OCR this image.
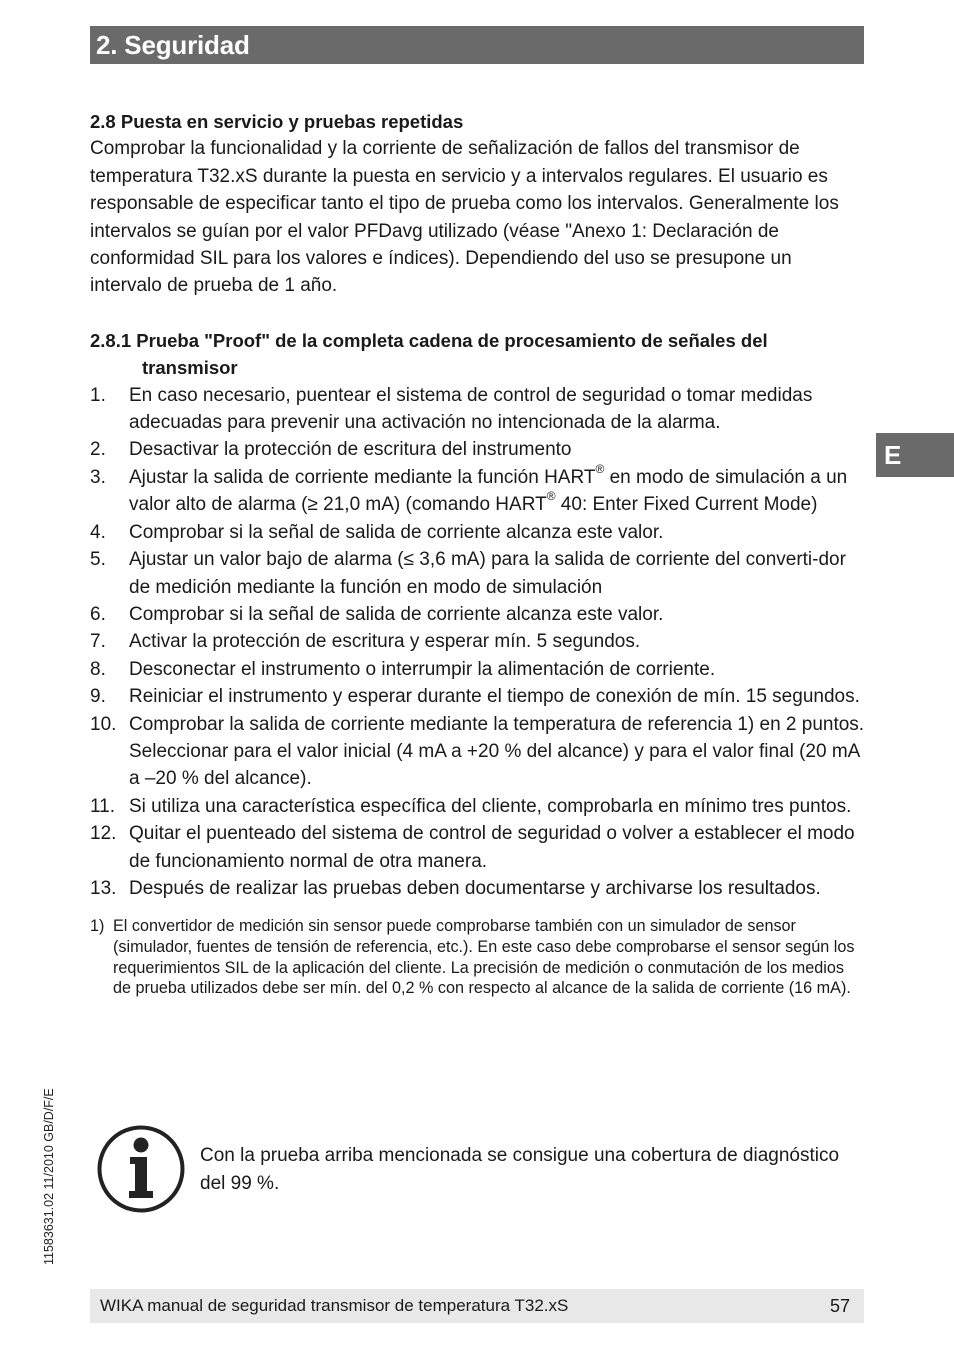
2. Seguridad
2.8 Puesta en servicio y pruebas repetidas
Comprobar la funcionalidad y la corriente de señalización de fallos del transmisor de temperatura T32.xS durante la puesta en servicio y a intervalos regulares. El usuario es responsable de especificar tanto el tipo de prueba como los intervalos. Generalmente los intervalos se guían por el valor PFDavg utilizado (véase "Anexo 1: Declaración de conformidad SIL para los valores e índices). Dependiendo del uso se presupone un intervalo de prueba de 1 año.
2.8.1 Prueba "Proof" de la completa cadena de procesamiento de señales del
transmisor
1.	En caso necesario, puentear el sistema de control de seguridad o tomar medidas adecuadas para prevenir una activación no intencionada de la alarma.
2.	Desactivar la protección de escritura del instrumento
3.	Ajustar la salida de corriente mediante la función HART® en modo de simulación a un valor alto de alarma (≥ 21,0 mA) (comando HART® 40: Enter Fixed Current Mode)
4.	Comprobar si la señal de salida de corriente alcanza este valor.
5.	Ajustar un valor bajo de alarma (≤ 3,6 mA) para la salida de corriente del converti-dor de medición mediante la función en modo de simulación
6.	Comprobar si la señal de salida de corriente alcanza este valor.
7.	Activar la protección de escritura y esperar mín. 5 segundos.
8.	Desconectar el instrumento o interrumpir la alimentación de corriente.
9.	Reiniciar el instrumento y esperar durante el tiempo de conexión de mín. 15 segundos.
10. Comprobar la salida de corriente mediante la temperatura de referencia 1) en 2 puntos. Seleccionar para el valor inicial (4 mA a +20 % del alcance) y para el valor final (20 mA a –20 % del alcance).
11. Si utiliza una característica específica del cliente, comprobarla en mínimo tres puntos.
12. Quitar el puenteado del sistema de control de seguridad o volver a establecer el modo de funcionamiento normal de otra manera.
13. Después de realizar las pruebas deben documentarse y archivarse los resultados.
1) El convertidor de medición sin sensor puede comprobarse también con un simulador de sensor (simulador, fuentes de tensión de referencia, etc.). En este caso debe comprobarse el sensor según los requerimientos SIL de la aplicación del cliente. La precisión de medición o conmutación de los medios de prueba utilizados debe ser mín. del 0,2 % con respecto al alcance de la salida de corriente (16 mA).
Con la prueba arriba mencionada se consigue una cobertura de diagnóstico del 99 %.
E
11583631.02 11/2010 GB/D/F/E
WIKA manual de seguridad transmisor de temperatura T32.xS	57
